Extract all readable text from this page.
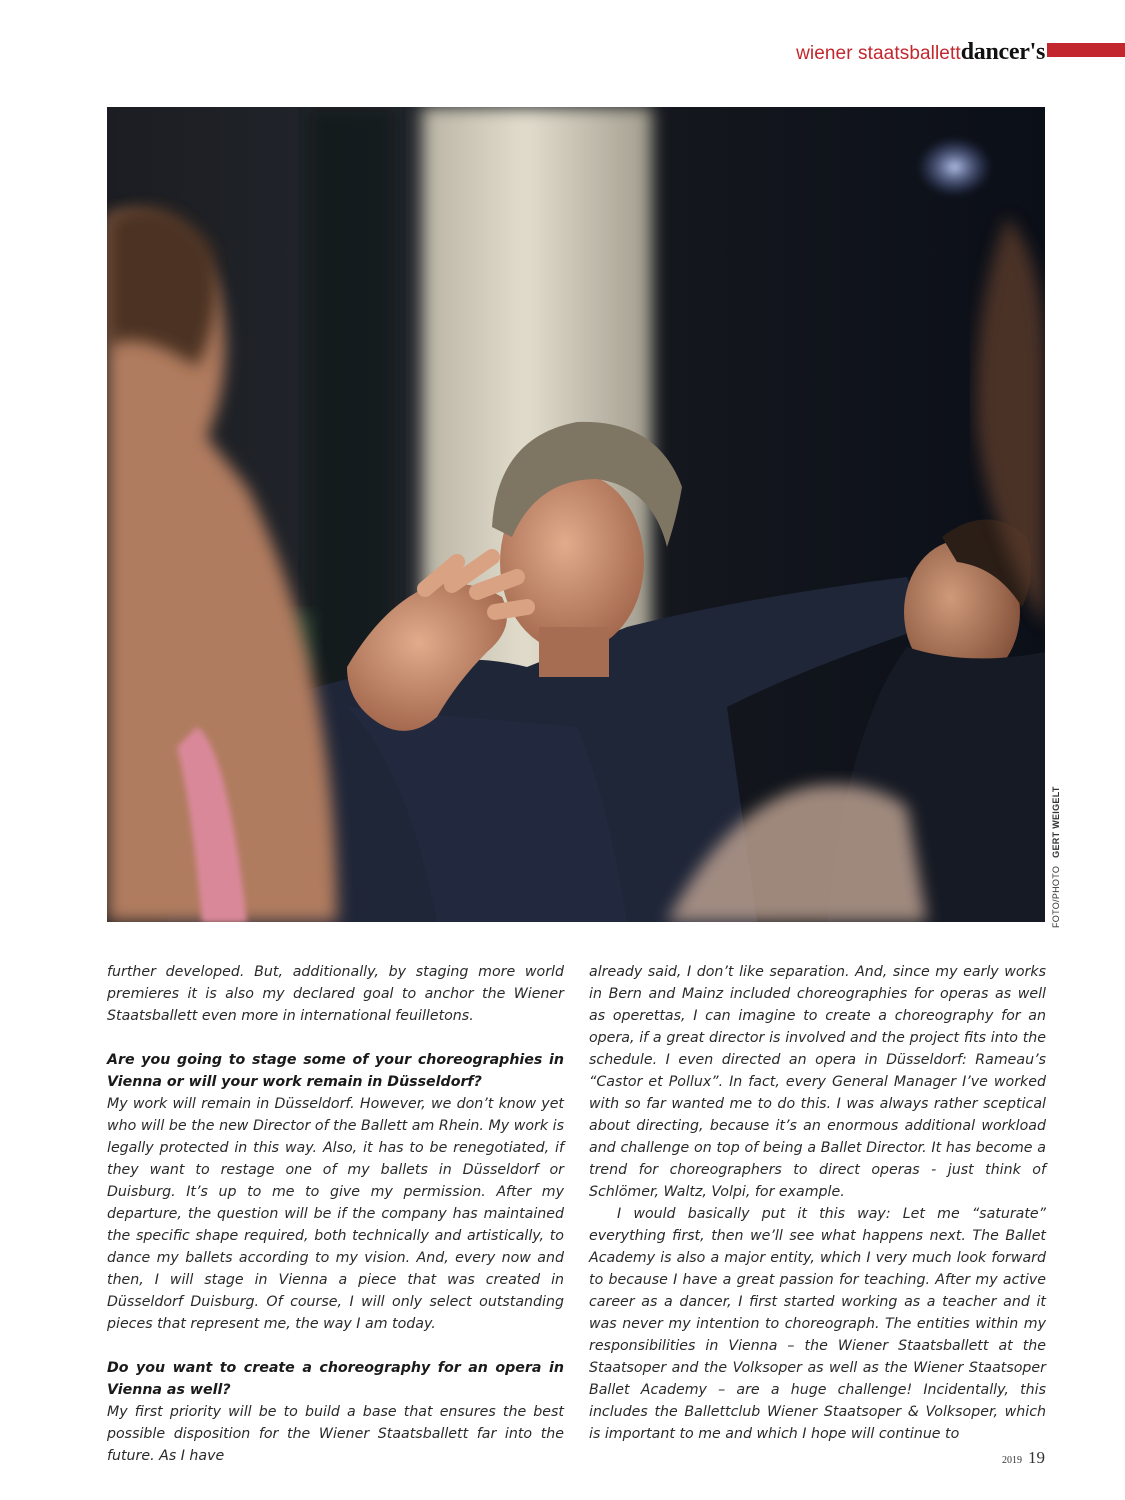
wiener staatsballettdancer's
FOTO/PHOTOGERT WEIGELT

further developed. But, additionally, by staging more world premieres it is also my declared goal to anchor the Wiener Staatsballett even more in international feuilletons.

Are you going to stage some of your choreographies in Vienna or will your work remain in Düsseldorf?

My work will remain in Düsseldorf. However, we don’t know yet who will be the new Director of the Ballett am Rhein. My work is legally protected in this way. Also, it has to be renegotiated, if they want to restage one of my ballets in Düsseldorf or Duisburg. It’s up to me to give my permission. After my departure, the question will be if the company has maintained the specific shape required, both technically and artistically, to dance my ballets according to my vision. And, every now and then, I will stage in Vienna a piece that was created in Düsseldorf Duisburg. Of course, I will only select outstanding pieces that represent me, the way I am today.

Do you want to create a choreography for an opera in Vienna as well?

My first priority will be to build a base that ensures the best possible disposition for the Wiener Staatsballett far into the future. As I have

already said, I don’t like separation. And, since my early works in Bern and Mainz included choreographies for operas as well as operettas, I can imagine to create a choreography for an opera, if a great director is involved and the project fits into the schedule. I even directed an opera in Düsseldorf: Rameau’s “Castor et Pollux”. In fact, every General Manager I’ve worked with so far wanted me to do this. I was always rather sceptical about directing, because it’s an enormous additional workload and challenge on top of being a Ballet Director. It has become a trend for choreographers to direct operas - just think of Schlömer, Waltz, Volpi, for example.

I would basically put it this way: Let me “saturate” everything first, then we’ll see what happens next. The Ballet Academy is also a major entity, which I very much look forward to because I have a great passion for teaching. After my active career as a dancer, I first started working as a teacher and it was never my intention to choreograph. The entities within my responsibilities in Vienna – the Wiener Staatsballett at the Staatsoper and the Volksoper as well as the Wiener Staatsoper Ballet Academy – are a huge challenge! Incidentally, this includes the Ballettclub Wiener Staatsoper & Volksoper, which is important to me and which I hope will continue to

2019 19
